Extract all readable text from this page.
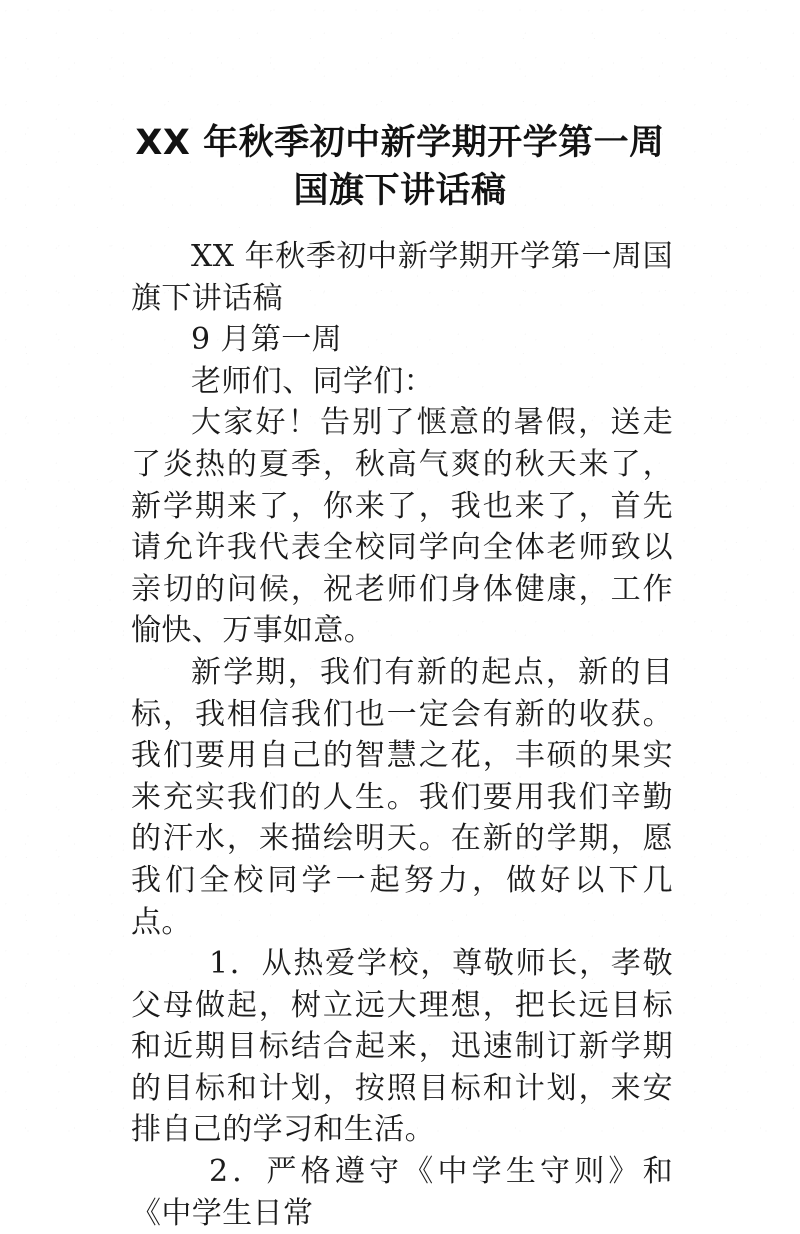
XX 年秋季初中新学期开学第一周国旗下讲话稿

XX 年秋季初中新学期开学第一周国旗下讲话稿

9 月第一周

老师们、同学们：

大家好！告别了惬意的暑假，送走了炎热的夏季，秋高气爽的秋天来了，新学期来了，你来了，我也来了，首先请允许我代表全校同学向全体老师致以亲切的问候，祝老师们身体健康，工作愉快、万事如意。

新学期，我们有新的起点，新的目标，我相信我们也一定会有新的收获。我们要用自己的智慧之花，丰硕的果实来充实我们的人生。我们要用我们辛勤的汗水，来描绘明天。在新的学期，愿我们全校同学一起努力，做好以下几点。

1．从热爱学校，尊敬师长，孝敬父母做起，树立远大理想，把长远目标和近期目标结合起来，迅速制订新学期的目标和计划，按照目标和计划，来安排自己的学习和生活。

2．严格遵守《中学生守则》和《中学生日常
